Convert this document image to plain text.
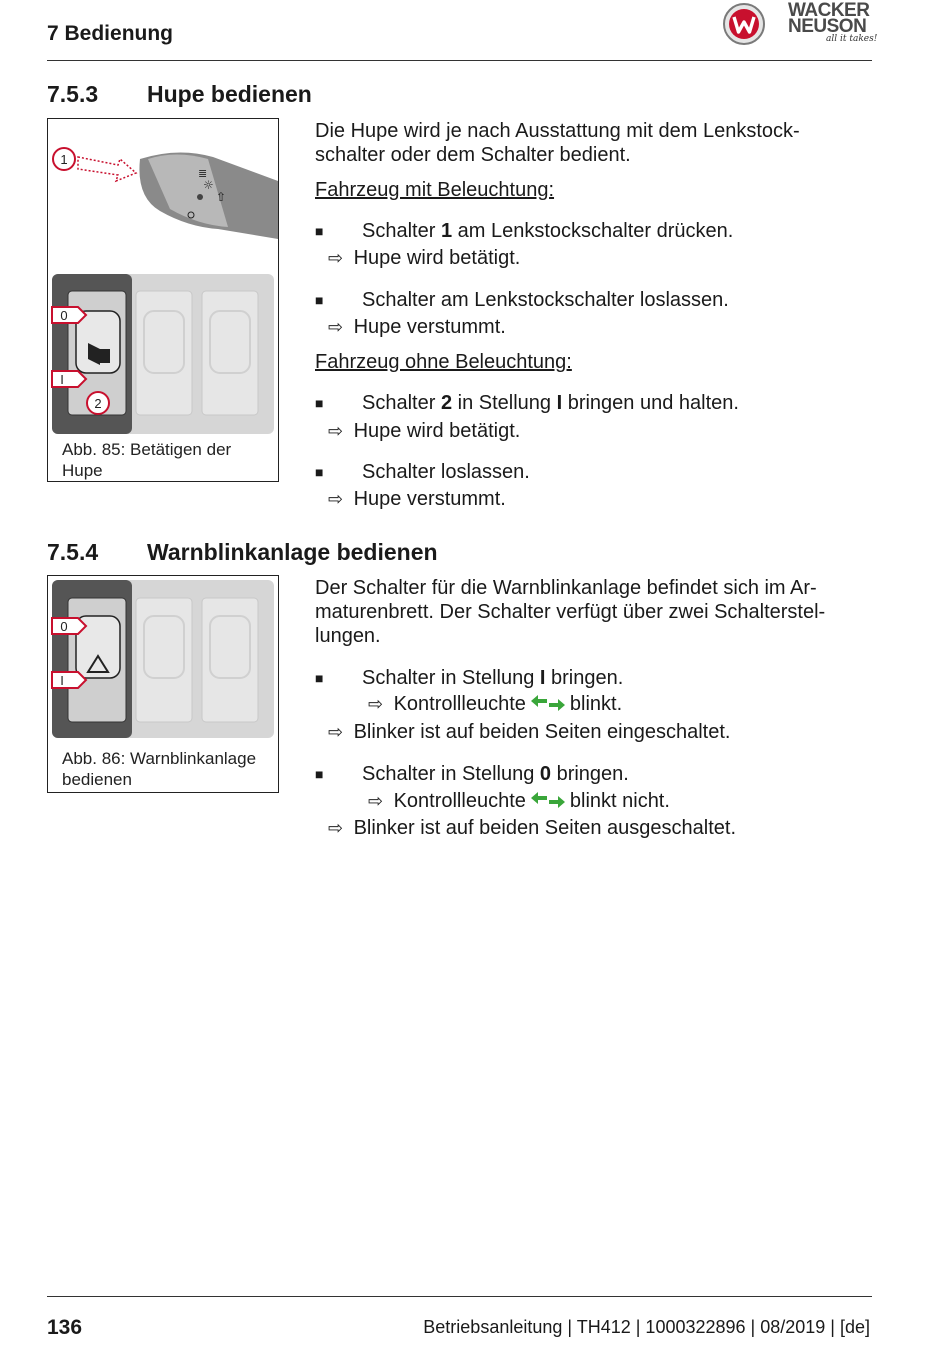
7 Bedienung
WACKER
NEUSON
all it takes!
7.5.3 Hupe bedienen
☼
⇧
≣
1
0
I
2
Abb. 85: Betätigen der
Hupe
Die Hupe wird je nach Ausstattung mit dem Lenkstock-
schalter oder dem Schalter bedient.
Fahrzeug mit Beleuchtung:
■ Schalter 1 am Lenkstockschalter drücken.
⇨ Hupe wird betätigt.
■ Schalter am Lenkstockschalter loslassen.
⇨ Hupe verstummt.
Fahrzeug ohne Beleuchtung:
■ Schalter 2 in Stellung I bringen und halten.
⇨ Hupe wird betätigt.
■ Schalter loslassen.
⇨ Hupe verstummt.
7.5.4 Warnblinkanlage bedienen
0
I
Abb. 86: Warnblinkanlage
bedienen
Der Schalter für die Warnblinkanlage befindet sich im Ar-
maturenbrett. Der Schalter verfügt über zwei Schalterstel-
lungen.
■ Schalter in Stellung I bringen.
⇨ Kontrollleuchte blinkt.
⇨ Blinker ist auf beiden Seiten eingeschaltet.
■ Schalter in Stellung 0 bringen.
⇨ Kontrollleuchte blinkt nicht.
⇨ Blinker ist auf beiden Seiten ausgeschaltet.
136	Betriebsanleitung | TH412 | 1000322896 | 08/2019 | [de]
